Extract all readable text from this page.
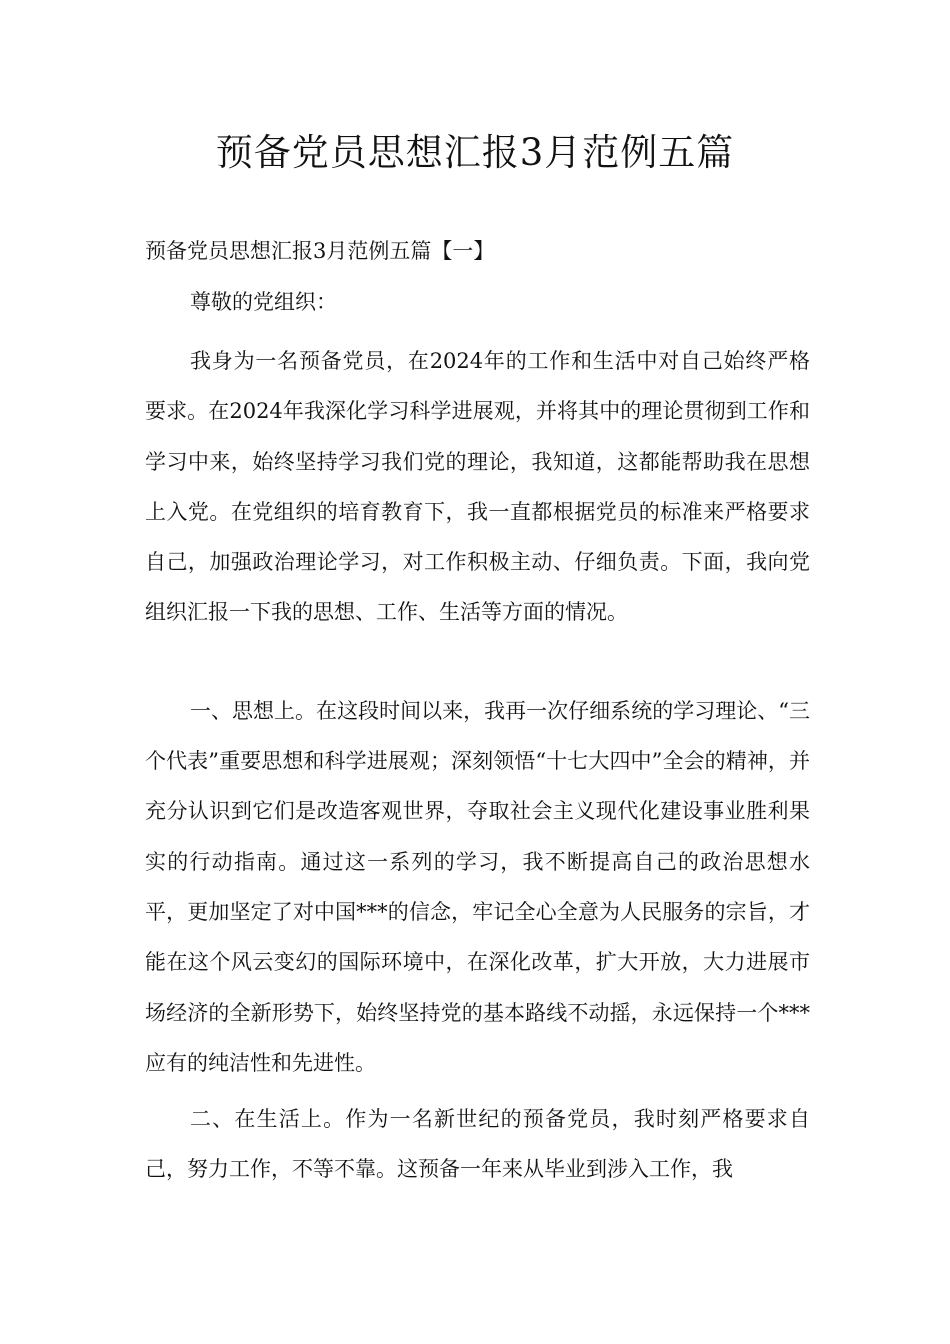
预备党员思想汇报3月范例五篇

预备党员思想汇报3月范例五篇【一】

尊敬的党组织：

我身为一名预备党员，在2024年的工作和生活中对自己始终严格要求。在2024年我深化学习科学进展观，并将其中的理论贯彻到工作和学习中来，始终坚持学习我们党的理论，我知道，这都能帮助我在思想上入党。在党组织的培育教育下，我一直都根据党员的标准来严格要求自己，加强政治理论学习，对工作积极主动、仔细负责。下面，我向党组织汇报一下我的思想、工作、生活等方面的情况。

一、思想上。在这段时间以来，我再一次仔细系统的学习理论、“三个代表”重要思想和科学进展观；深刻领悟“十七大四中”全会的精神，并充分认识到它们是改造客观世界，夺取社会主义现代化建设事业胜利果实的行动指南。通过这一系列的学习，我不断提高自己的政治思想水平，更加坚定了对中国***的信念，牢记全心全意为人民服务的宗旨，才能在这个风云变幻的国际环境中，在深化改革，扩大开放，大力进展市场经济的全新形势下，始终坚持党的基本路线不动摇，永远保持一个***应有的纯洁性和先进性。

二、在生活上。作为一名新世纪的预备党员，我时刻严格要求自己，努力工作，不等不靠。这预备一年来从毕业到涉入工作，我
